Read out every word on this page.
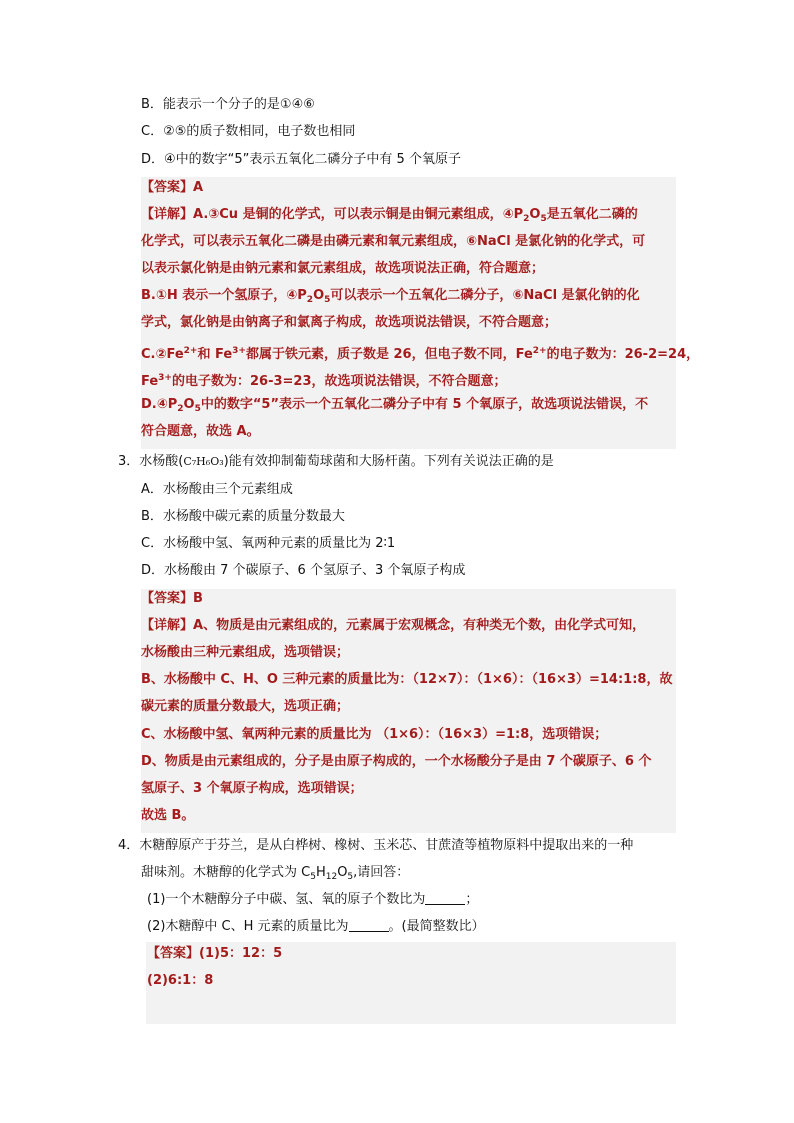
B．能表示一个分子的是①④⑥
C．②⑤的质子数相同，电子数也相同
D．④中的数字“5”表示五氧化二磷分子中有 5 个氧原子
【答案】A
【详解】A.③Cu 是铜的化学式，可以表示铜是由铜元素组成，$④P_2O_5$是五氧化二磷的
化学式，可以表示五氧化二磷是由磷元素和氧元素组成，⑥NaCl 是氯化钠的化学式，可
以表示氯化钠是由钠元素和氯元素组成，故选项说法正确，符合题意；
B.①H 表示一个氢原子，$④P_2O_5$可以表示一个五氧化二磷分子，⑥NaCl 是氯化钠的化
学式，氯化钠是由钠离子和氯离子构成，故选项说法错误，不符合题意；
$C.②Fe^{2+}$和 $Fe^{3+}$都属于铁元素，质子数是 26，但电子数不同，$Fe^{2+}$的电子数为：26-2=24，
$Fe^{3+}$的电子数为：26-3=23，故选项说法错误，不符合题意；
$D.④P_2O_5$中的数字“5”表示一个五氧化二磷分子中有 5 个氧原子，故选项说法错误，不
符合题意，故选 A。
3．水杨酸(C₇H₆O₃)能有效抑制葡萄球菌和大肠杆菌。下列有关说法正确的是
A．水杨酸由三个元素组成
B．水杨酸中碳元素的质量分数最大
C．水杨酸中氢、氧两种元素的质量比为 2∶1
D．水杨酸由 7 个碳原子、6 个氢原子、3 个氧原子构成
【答案】B
【详解】A、物质是由元素组成的，元素属于宏观概念，有种类无个数，由化学式可知，
水杨酸由三种元素组成，选项错误；
B、水杨酸中 C、H、O 三种元素的质量比为：（12×7）：（1×6）：（16×3）=14:1:8，故
碳元素的质量分数最大，选项正确；
C、水杨酸中氢、氧两种元素的质量比为 （1×6）：（16×3）=1:8，选项错误；
D、物质是由元素组成的，分子是由原子构成的，一个水杨酸分子是由 7 个碳原子、6 个
氢原子、3 个氧原子构成，选项错误；
故选 B。
4．木糖醇原产于芬兰，是从白桦树、橡树、玉米芯、甘蔗渣等植物原料中提取出来的一种
甜味剂。木糖醇的化学式为 $C_5H_{12}O_5$,请回答：
(1)一个木糖醇分子中碳、氢、氧的原子个数比为	；
(2)木糖醇中 C、H 元素的质量比为	。(最简整数比）
【答案】(1)5：12：5
(2)6:1：8
